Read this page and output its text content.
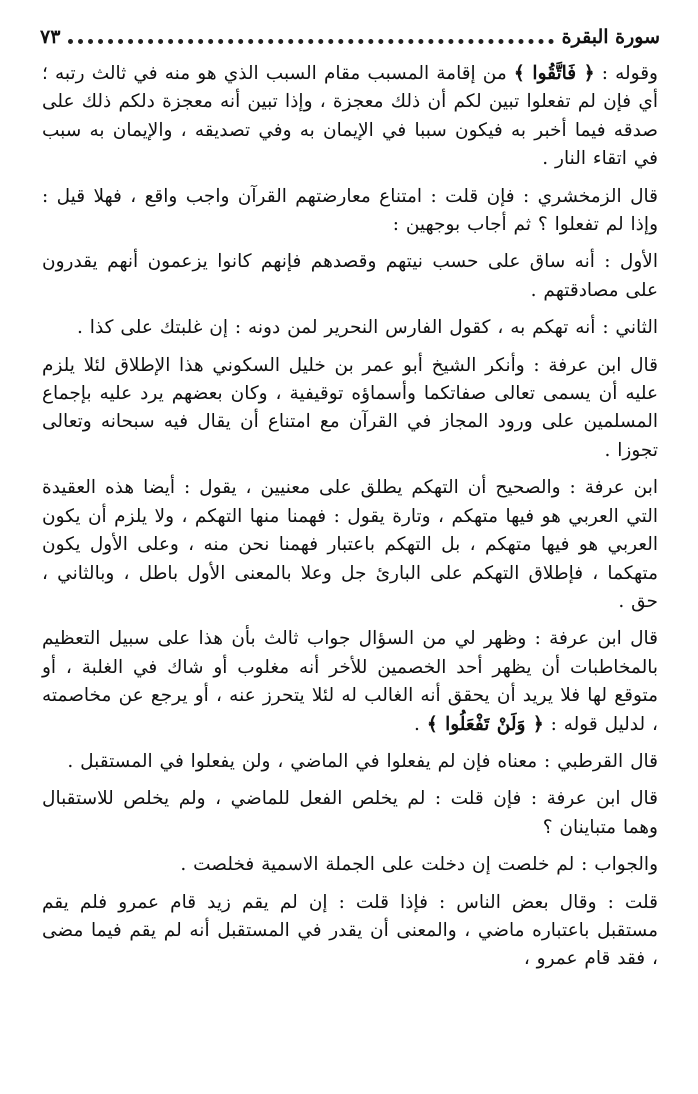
سورة البقرة
٧٣

وقوله : ﴿ فَاتَّقُوا ﴾ من إقامة المسبب مقام السبب الذي هو منه في ثالث رتبه ؛ أي فإن لم تفعلوا تبين لكم أن ذلك معجزة ، وإذا تبين أنه معجزة دلكم ذلك على صدقه فيما أخبر به فيكون سببا في الإيمان به وفي تصديقه ، والإيمان به سبب في اتقاء النار .

قال الزمخشري : فإن قلت : امتناع معارضتهم القرآن واجب واقع ، فهلا قيل : وإذا لم تفعلوا ؟ ثم أجاب بوجهين :

الأول : أنه ساق على حسب نيتهم وقصدهم فإنهم كانوا يزعمون أنهم يقدرون على مصادقتهم .

الثاني : أنه تهكم به ، كقول الفارس النحرير لمن دونه : إن غلبتك على كذا .

قال ابن عرفة : وأنكر الشيخ أبو عمر بن خليل السكوني هذا الإطلاق لئلا يلزم عليه أن يسمى تعالى صفاتكما وأسماؤه توقيفية ، وكان بعضهم يرد عليه بإجماع المسلمين على ورود المجاز في القرآن مع امتناع أن يقال فيه سبحانه وتعالى تجوزا .

ابن عرفة : والصحيح أن التهكم يطلق على معنيين ، يقول : أيضا هذه العقيدة التي العربي هو فيها متهكم ، وتارة يقول : فهمنا منها التهكم ، ولا يلزم أن يكون العربي هو فيها متهكم ، بل التهكم باعتبار فهمنا نحن منه ، وعلى الأول يكون متهكما ، فإطلاق التهكم على البارئ جل وعلا بالمعنى الأول باطل ، وبالثاني ، حق .

قال ابن عرفة : وظهر لي من السؤال جواب ثالث بأن هذا على سبيل التعظيم بالمخاطبات أن يظهر أحد الخصمين للأخر أنه مغلوب أو شاك في الغلبة ، أو متوقع لها فلا يريد أن يحقق أنه الغالب له لئلا يتحرز عنه ، أو يرجع عن مخاصمته ، لدليل قوله : ﴿ وَلَنْ تَفْعَلُوا ﴾ .

قال القرطبي : معناه فإن لم يفعلوا في الماضي ، ولن يفعلوا في المستقبل .

قال ابن عرفة : فإن قلت : لم يخلص الفعل للماضي ، ولم يخلص للاستقبال وهما متباينان ؟

والجواب : لم خلصت إن دخلت على الجملة الاسمية فخلصت .

قلت : وقال بعض الناس : فإذا قلت : إن لم يقم زيد قام عمرو فلم يقم مستقبل باعتباره ماضي ، والمعنى أن يقدر في المستقبل أنه لم يقم فيما مضى ، فقد قام عمرو ،
